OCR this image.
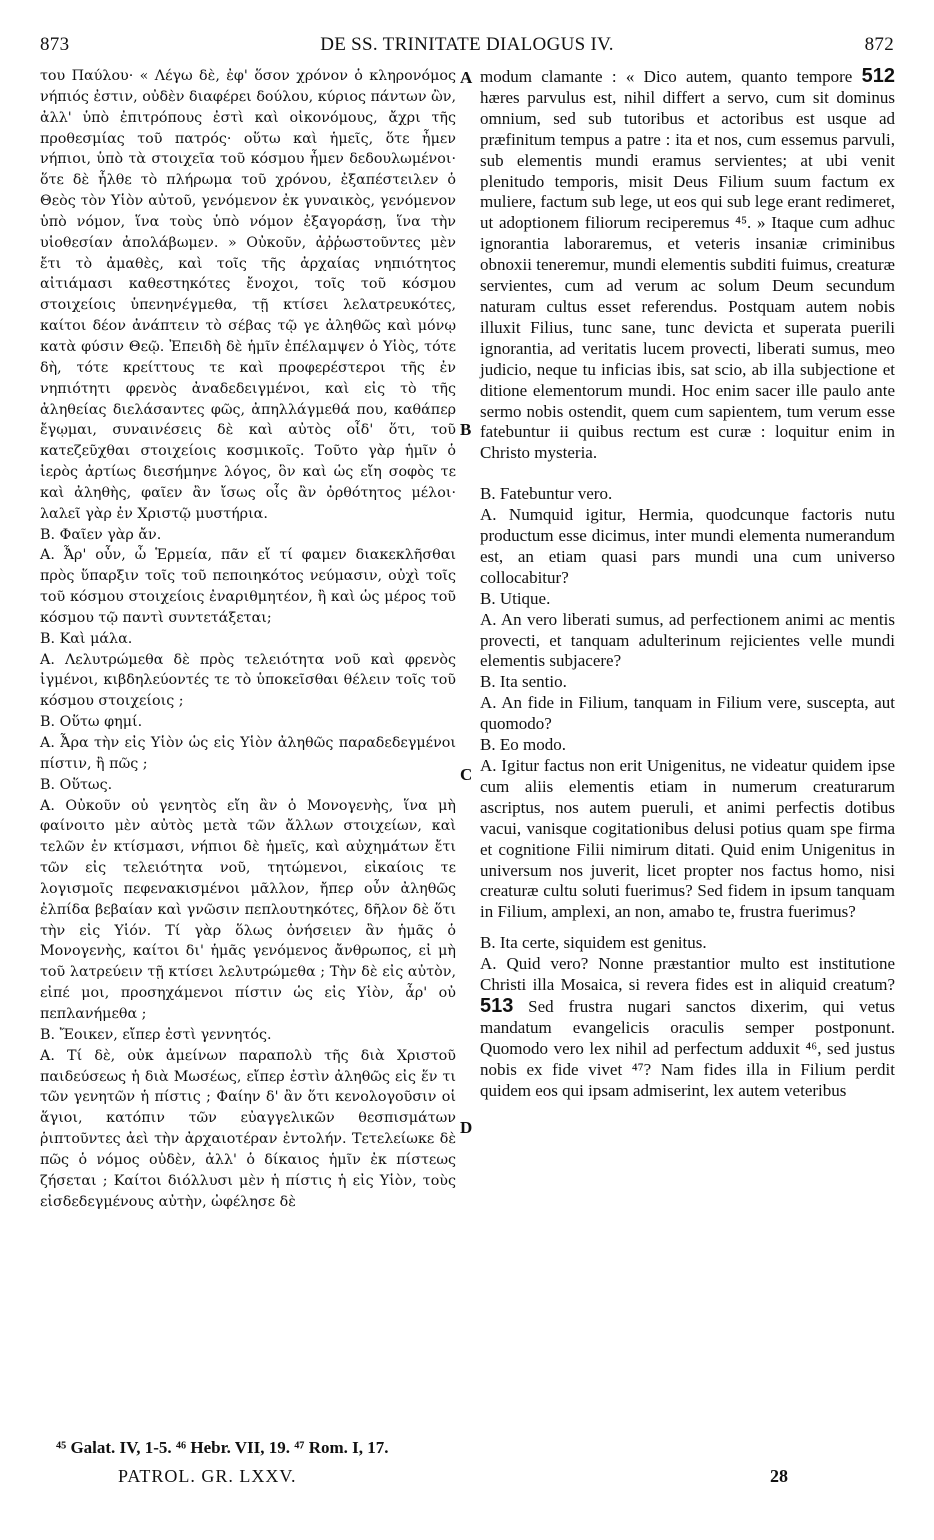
873	DE SS. TRINITATE DIALOGUS IV.	872

του Παύλου· « Λέγω δὲ, ἐφ' ὅσον χρόνον ὁ κληρονόμος νήπιός ἐστιν, οὐδὲν διαφέρει δούλου, κύριος πάντων ὢν, ἀλλ' ὑπὸ ἐπιτρόπους ἐστὶ καὶ οἰκονόμους, ἄχρι τῆς προθεσμίας τοῦ πατρός· οὕτω καὶ ἡμεῖς, ὅτε ἦμεν νήπιοι, ὑπὸ τὰ στοιχεῖα τοῦ κόσμου ἦμεν δεδουλωμένοι· ὅτε δὲ ἦλθε τὸ πλήρωμα τοῦ χρόνου, ἐξαπέστειλεν ὁ Θεὸς τὸν Υἱὸν αὐτοῦ, γενόμενον ἐκ γυναικὸς, γενόμενον ὑπὸ νόμον, ἵνα τοὺς ὑπὸ νόμον ἐξαγοράσῃ, ἵνα τὴν υἱοθεσίαν ἀπολάβωμεν. » Οὐκοῦν, ἀῤῥωστοῦντες μὲν ἔτι τὸ ἀμαθὲς, καὶ τοῖς τῆς ἀρχαίας νηπιότητος αἰτιάμασι καθεστηκότες ἔνοχοι, τοῖς τοῦ κόσμου στοιχείοις ὑπενηνέγμεθα, τῇ κτίσει λελατρευκότες, καίτοι δέον ἀνάπτειν τὸ σέβας τῷ γε ἀληθῶς καὶ μόνῳ κατὰ φύσιν Θεῷ. Ἐπειδὴ δὲ ἡμῖν ἐπέλαμψεν ὁ Υἱὸς, τότε δὴ, τότε κρείττους τε καὶ προφερέστεροι τῆς ἐν νηπιότητι φρενὸς ἀναδεδειγμένοι, καὶ εἰς τὸ τῆς ἀληθείας διελάσαντες φῶς, ἀπηλλάγμεθά που, καθάπερ ἔγῳμαι, συναινέσεις δὲ καὶ αὐτὸς οἶδ' ὅτι, τοῦ κατεζεῦχθαι στοιχείοις κοσμικοῖς. Τοῦτο γὰρ ἡμῖν ὁ ἱερὸς ἀρτίως διεσήμηνε λόγος, ὃν καὶ ὡς εἴη σοφὸς τε καὶ ἀληθὴς, φαῖεν ἂν ἴσως οἷς ἂν ὀρθότητος μέλοι· λαλεῖ γὰρ ἐν Χριστῷ μυστήρια.

B. Φαῖεν γὰρ ἄν.

A. Ἆρ' οὖν, ὦ Ἑρμεία, πᾶν εἴ τί φαμεν διακεκλῆσθαι πρὸς ὕπαρξιν τοῖς τοῦ πεποιηκότος νεύμασιν, οὐχὶ τοῖς τοῦ κόσμου στοιχείοις ἐναριθμητέον, ἢ καὶ ὡς μέρος τοῦ κόσμου τῷ παντὶ συντετάξεται;

B. Καὶ μάλα.

A. Λελυτρώμεθα δὲ πρὸς τελειότητα νοῦ καὶ φρενὸς ἰγμένοι, κιβδηλεύοντές τε τὸ ὑποκεῖσθαι θέλειν τοῖς τοῦ κόσμου στοιχείοις ;

B. Οὕτω φημί.

A. Ἆρα τὴν εἰς Υἱὸν ὡς εἰς Υἱὸν ἀληθῶς παραδεδεγμένοι πίστιν, ἢ πῶς ;

B. Οὕτως.

A. Οὐκοῦν οὐ γενητὸς εἴη ἂν ὁ Μονογενὴς, ἵνα μὴ φαίνοιτο μὲν αὐτὸς μετὰ τῶν ἄλλων στοιχείων, καὶ τελῶν ἐν κτίσμασι, νήπιοι δὲ ἡμεῖς, καὶ αὐχημάτων ἔτι τῶν εἰς τελειότητα νοῦ, τητώμενοι, εἰκαίοις τε λογισμοῖς πεφενακισμένοι μᾶλλον, ἤπερ οὖν ἀληθῶς ἐλπίδα βεβαίαν καὶ γνῶσιν πεπλουτηκότες, δῆλον δὲ ὅτι τὴν εἰς Υἱόν. Τί γὰρ ὅλως ὀνήσειεν ἂν ἡμᾶς ὁ Μονογενὴς, καίτοι δι' ἡμᾶς γενόμενος ἄνθρωπος, εἰ μὴ τοῦ λατρεύειν τῇ κτίσει λελυτρώμεθα ; Τὴν δὲ εἰς αὐτὸν, εἰπέ μοι, προσηχάμενοι πίστιν ὡς εἰς Υἱὸν, ἆρ' οὐ πεπλανήμεθα ;

B. Ἔοικεν, εἴπερ ἐστὶ γεννητός.

A. Τί δὲ, οὐκ ἀμείνων παραπολὺ τῆς διὰ Χριστοῦ παιδεύσεως ἡ διὰ Μωσέως, εἴπερ ἐστὶν ἀληθῶς εἰς ἕν τι τῶν γενητῶν ἡ πίστις ; Φαίην δ' ἂν ὅτι κενολογοῦσιν οἱ ἅγιοι, κατόπιν τῶν εὐαγγελικῶν θεσπισμάτων ῥιπτοῦντες ἀεὶ τὴν ἀρχαιοτέραν ἐντολήν. Τετελείωκε δὲ πῶς ὁ νόμος οὐδὲν, ἀλλ' ὁ δίκαιος ἡμῖν ἐκ πίστεως ζήσεται ; Καίτοι διόλλυσι μὲν ἡ πίστις ἡ εἰς Υἱὸν, τοὺς εἰσδεδεγμένους αὐτὴν, ὠφέλησε δὲ

A
B
C
D

modum clamante : « Dico autem, quanto tempore 512 hæres parvulus est, nihil differt a servo, cum sit dominus omnium, sed sub tutoribus et actoribus est usque ad præfinitum tempus a patre : ita et nos, cum essemus parvuli, sub elementis mundi eramus servientes; at ubi venit plenitudo temporis, misit Deus Filium suum factum ex muliere, factum sub lege, ut eos qui sub lege erant redimeret, ut adoptionem filiorum reciperemus ⁴⁵. » Itaque cum adhuc ignorantia laboraremus, et veteris insaniæ criminibus obnoxii teneremur, mundi elementis subditi fuimus, creaturæ servientes, cum ad verum ac solum Deum secundum naturam cultus esset referendus. Postquam autem nobis illuxit Filius, tunc sane, tunc devicta et superata puerili ignorantia, ad veritatis lucem provecti, liberati sumus, meo judicio, neque tu inficias ibis, sat scio, ab illa subjectione et ditione elementorum mundi. Hoc enim sacer ille paulo ante sermo nobis ostendit, quem cum sapientem, tum verum esse fatebuntur ii quibus rectum est curæ : loquitur enim in Christo mysteria.

B. Fatebuntur vero.

A. Numquid igitur, Hermia, quodcunque factoris nutu productum esse dicimus, inter mundi elementa numerandum est, an etiam quasi pars mundi una cum universo collocabitur?

B. Utique.

A. An vero liberati sumus, ad perfectionem animi ac mentis provecti, et tanquam adulterinum rejicientes velle mundi elementis subjacere?

B. Ita sentio.

A. An fide in Filium, tanquam in Filium vere, suscepta, aut quomodo?

B. Eo modo.

A. Igitur factus non erit Unigenitus, ne videatur quidem ipse cum aliis elementis etiam in numerum creaturarum ascriptus, nos autem pueruli, et animi perfectis dotibus vacui, vanisque cogitationibus delusi potius quam spe firma et cognitione Filii nimirum ditati. Quid enim Unigenitus in universum nos juverit, licet propter nos factus homo, nisi creaturæ cultu soluti fuerimus? Sed fidem in ipsum tanquam in Filium, amplexi, an non, amabo te, frustra fuerimus?

B. Ita certe, siquidem est genitus.

A. Quid vero? Nonne præstantior multo est institutione Christi illa Mosaica, si revera fides est in aliquid creatum? 513 Sed frustra nugari sanctos dixerim, qui vetus mandatum evangelicis oraculis semper postponunt. Quomodo vero lex nihil ad perfectum adduxit ⁴⁶, sed justus nobis ex fide vivet ⁴⁷? Nam fides illa in Filium perdit quidem eos qui ipsam admiserint, lex autem veteribus

⁴⁵ Galat. IV, 1-5. ⁴⁶ Hebr. VII, 19. ⁴⁷ Rom. I, 17.
PATROL. GR. LXXV.	28
